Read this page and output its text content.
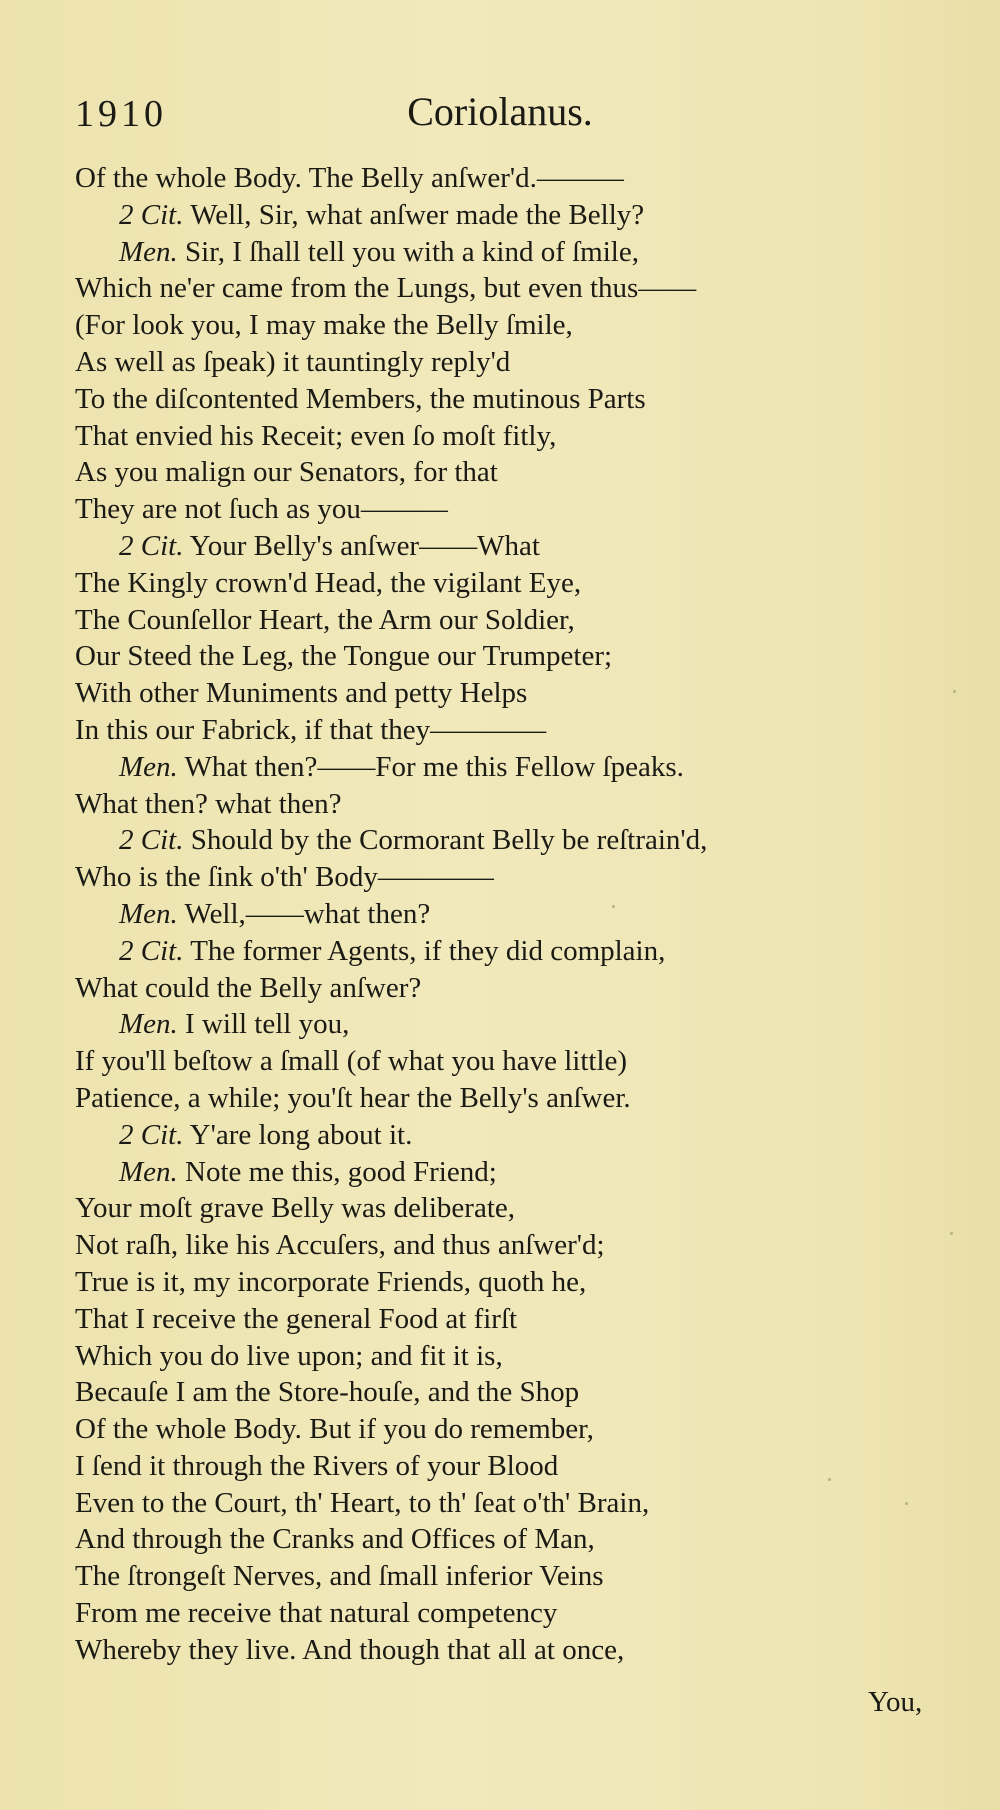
1910	Coriolanus.
Of the whole Body. The Belly anſwer'd.———
2 Cit. Well, Sir, what anſwer made the Belly?
Men. Sir, I ſhall tell you with a kind of ſmile,
Which ne'er came from the Lungs, but even thus——
(For look you, I may make the Belly ſmile,
As well as ſpeak) it tauntingly reply'd
To the diſcontented Members, the mutinous Parts
That envied his Receit; even ſo moſt fitly,
As you malign our Senators, for that
They are not ſuch as you———
2 Cit. Your Belly's anſwer——What
The Kingly crown'd Head, the vigilant Eye,
The Counſellor Heart, the Arm our Soldier,
Our Steed the Leg, the Tongue our Trumpeter;
With other Muniments and petty Helps
In this our Fabrick, if that they————
Men. What then?——For me this Fellow ſpeaks.
What then? what then?
2 Cit. Should by the Cormorant Belly be reſtrain'd,
Who is the ſink o'th' Body————
Men. Well,——what then?
2 Cit. The former Agents, if they did complain,
What could the Belly anſwer?
Men. I will tell you,
If you'll beſtow a ſmall (of what you have little)
Patience, a while; you'ſt hear the Belly's anſwer.
2 Cit. Y'are long about it.
Men. Note me this, good Friend;
Your moſt grave Belly was deliberate,
Not raſh, like his Accuſers, and thus anſwer'd;
True is it, my incorporate Friends, quoth he,
That I receive the general Food at firſt
Which you do live upon; and fit it is,
Becauſe I am the Store-houſe, and the Shop
Of the whole Body. But if you do remember,
I ſend it through the Rivers of your Blood
Even to the Court, th' Heart, to th' ſeat o'th' Brain,
And through the Cranks and Offices of Man,
The ſtrongeſt Nerves, and ſmall inferior Veins
From me receive that natural competency
Whereby they live. And though that all at once,
You,
